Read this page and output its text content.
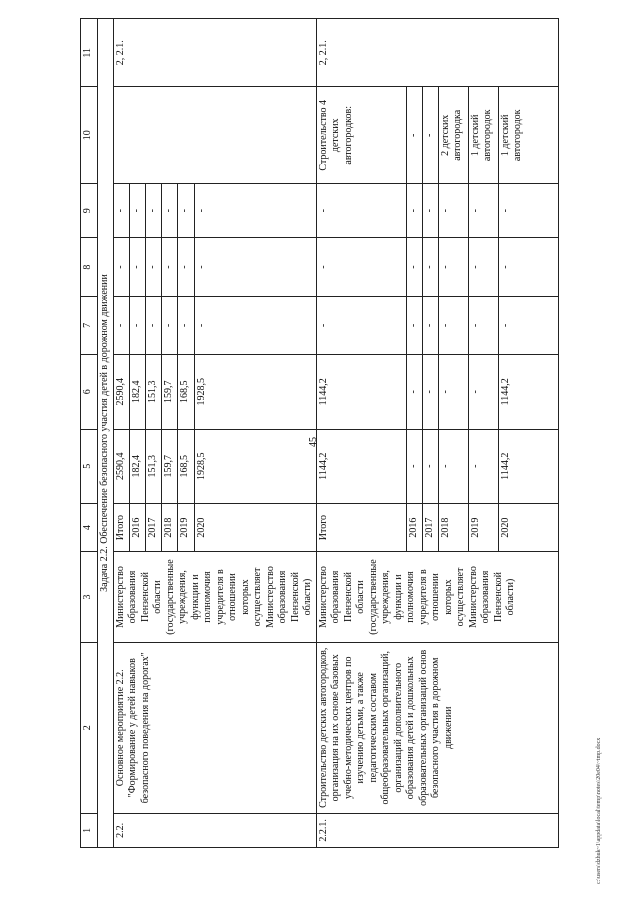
45
1	2	3	4	5	6	7	8	9	10	11
Задача 2.2. Обеспечение безопасного участия детей в дорожном движении										
2.2.	Основное мероприятие 2.2. "Формирование у детей навыков безопасного поведения на дорогах"	Министерство образования Пензенской области (государственные учреждения, функции и полномочия учредителя в отношении которых осуществляет Министерство образования Пензенской области)	Итого	2590,4	2590,4	-	-	-		2, 2.1.
			2016	182,4	182,4	-	-	-		
			2017	151,3	151,3	-	-	-		
			2018	159,7	159,7	-	-	-		
			2019	168,5	168,5	-	-	-		
			2020	1928,5	1928,5	-	-	-		
2.2.1.	Строительство детских автогородков, организация на их основе базовых учебно-методических центров по изучению детьми, а также педагогическим составом общеобразовательных организаций, организаций дополнительного образования детей и дошкольных образовательных организаций основ безопасного участия в дорожном движении	Министерство образования Пензенской области (государственные учреждения, функции и полномочия учредителя в отношении которых осуществляет Министерство образования Пензенской области)	Итого	1144,2	1144,2	-	-	-	Строительство 4 детских автогородков:	2, 2.1.
			2016	-	-	-	-	-	-	
			2017	-	-	-	-	-	-	
			2018	-	-	-	-	-	2 детских автогородка	
			2019	-	-	-	-	-	1 детский автогородок	
			2020	1144,2	1144,2	-	-	-	1 детский автогородок	
c:\users\dzhuk~1\appdata\local\temp\notes\20e04\~tmp.docx
